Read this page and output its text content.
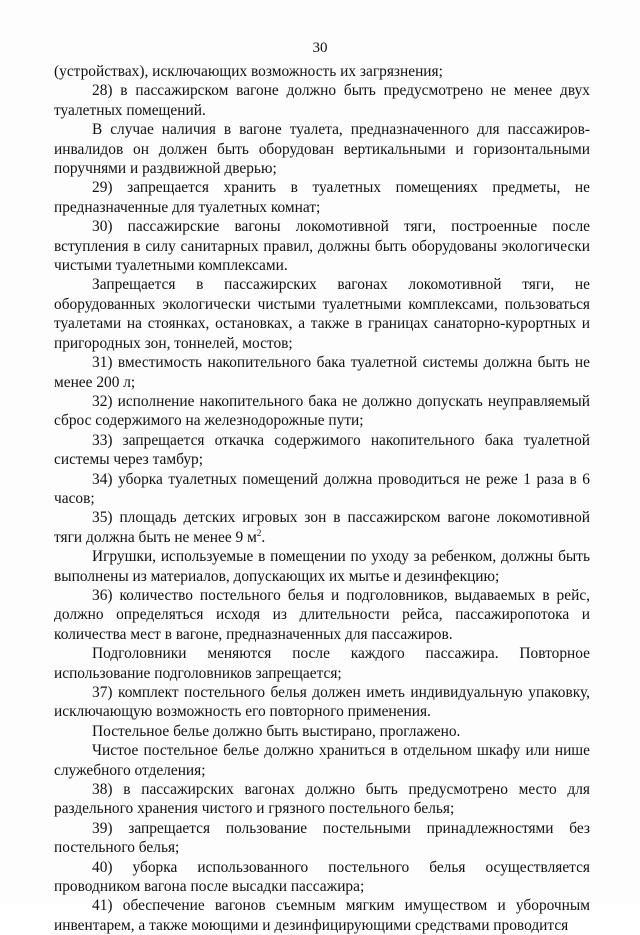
30

(устройствах), исключающих возможность их загрязнения;

28) в пассажирском вагоне должно быть предусмотрено не менее двух туалетных помещений.

В случае наличия в вагоне туалета, предназначенного для пассажиров-инвалидов он должен быть оборудован вертикальными и горизонтальными поручнями и раздвижной дверью;

29) запрещается хранить в туалетных помещениях предметы, не предназначенные для туалетных комнат;

30) пассажирские вагоны локомотивной тяги, построенные после вступления в силу санитарных правил, должны быть оборудованы экологически чистыми туалетными комплексами.

Запрещается в пассажирских вагонах локомотивной тяги, не оборудованных экологически чистыми туалетными комплексами, пользоваться туалетами на стоянках, остановках, а также в границах санаторно-курортных и пригородных зон, тоннелей, мостов;

31) вместимость накопительного бака туалетной системы должна быть не менее 200 л;

32) исполнение накопительного бака не должно допускать неуправляемый сброс содержимого на железнодорожные пути;

33) запрещается откачка содержимого накопительного бака туалетной системы через тамбур;

34) уборка туалетных помещений должна проводиться не реже 1 раза в 6 часов;

35) площадь детских игровых зон в пассажирском вагоне локомотивной тяги должна быть не менее 9 $м^2$.

Игрушки, используемые в помещении по уходу за ребенком, должны быть выполнены из материалов, допускающих их мытье и дезинфекцию;

36) количество постельного белья и подголовников, выдаваемых в рейс, должно определяться исходя из длительности рейса, пассажиропотока и количества мест в вагоне, предназначенных для пассажиров.

Подголовники меняются после каждого пассажира. Повторное использование подголовников запрещается;

37) комплект постельного белья должен иметь индивидуальную упаковку, исключающую возможность его повторного применения.

Постельное белье должно быть выстирано, проглажено.

Чистое постельное белье должно храниться в отдельном шкафу или нише служебного отделения;

38) в пассажирских вагонах должно быть предусмотрено место для раздельного хранения чистого и грязного постельного белья;

39) запрещается пользование постельными принадлежностями без постельного белья;

40) уборка использованного постельного белья осуществляется проводником вагона после высадки пассажира;

41) обеспечение вагонов съемным мягким имуществом и уборочным инвентарем, а также моющими и дезинфицирующими средствами проводится
